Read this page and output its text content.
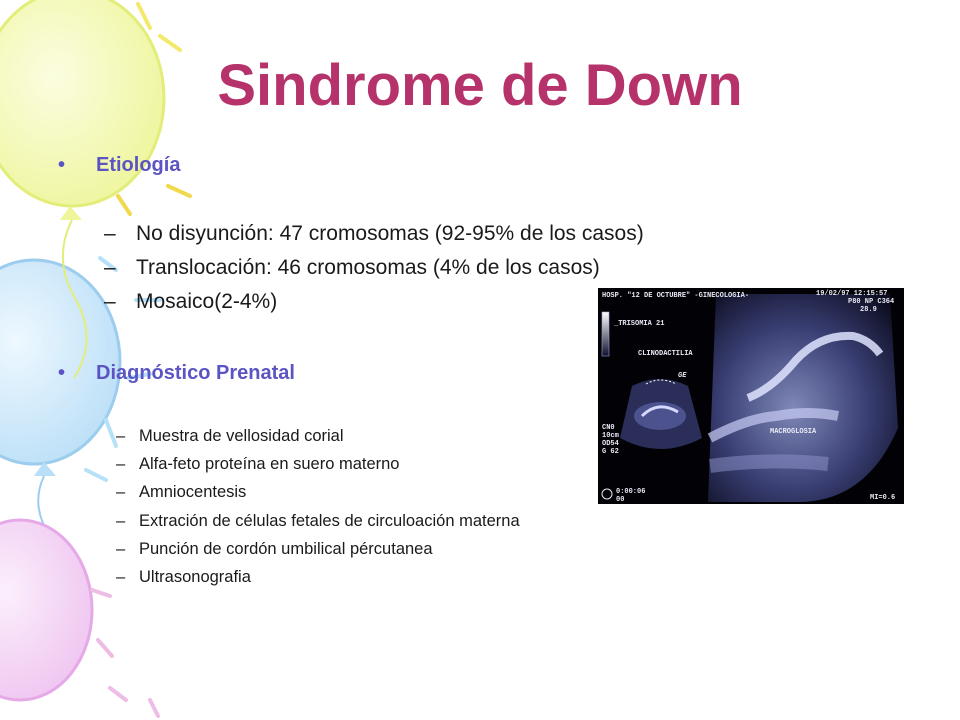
Sindrome de Down
• Etiología
– No disyunción: 47 cromosomas (92-95% de los casos)
– Translocación: 46 cromosomas (4% de los casos)
– Mosaico(2-4%)
• Diagnóstico Prenatal
– Muestra de vellosidad corial
– Alfa-feto proteína en suero materno
– Amniocentesis
– Extración de células fetales de circuloación materna
– Punción de cordón umbilical pércutanea
– Ultrasonografia
HOSP. "12 DE OCTUBRE" -GINECOLOGIA-	19/02/97 12:15:57
P80 NP C364
28.9
_TRISOMIA 21
CLINODACTILIA
GE
MACROGLOSIA
CN0
10cm
OD54
G 62
0:00:06
00	MI=0.6
